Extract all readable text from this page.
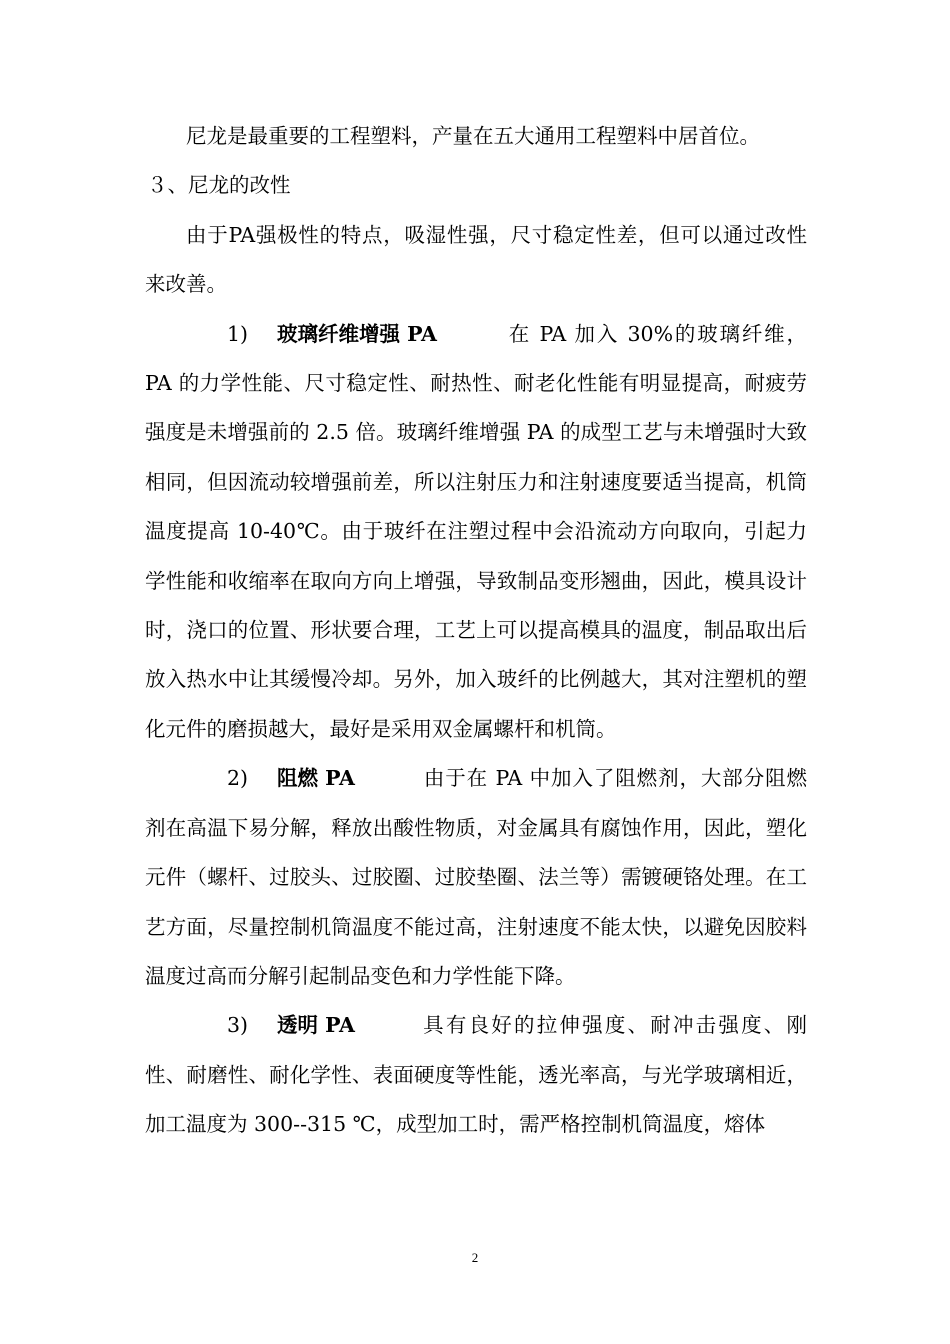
尼龙是最重要的工程塑料，产量在五大通用工程塑料中居首位。

３、尼龙的改性

由于PA强极性的特点，吸湿性强，尺寸稳定性差，但可以通过改性来改善。

1) 玻璃纤维增强 PA	在 PA 加入 30%的玻璃纤维，PA 的力学性能、尺寸稳定性、耐热性、耐老化性能有明显提高，耐疲劳强度是未增强前的 2.5 倍。玻璃纤维增强 PA 的成型工艺与未增强时大致相同，但因流动较增强前差，所以注射压力和注射速度要适当提高，机筒温度提高 10-40℃。由于玻纤在注塑过程中会沿流动方向取向，引起力学性能和收缩率在取向方向上增强，导致制品变形翘曲，因此，模具设计时，浇口的位置、形状要合理，工艺上可以提高模具的温度，制品取出后放入热水中让其缓慢冷却。另外，加入玻纤的比例越大，其对注塑机的塑化元件的磨损越大，最好是采用双金属螺杆和机筒。

2) 阻燃 PA	由于在 PA 中加入了阻燃剂，大部分阻燃剂在高温下易分解，释放出酸性物质，对金属具有腐蚀作用，因此，塑化元件（螺杆、过胶头、过胶圈、过胶垫圈、法兰等）需镀硬铬处理。在工艺方面，尽量控制机筒温度不能过高，注射速度不能太快，以避免因胶料温度过高而分解引起制品变色和力学性能下降。

3) 透明 PA	具有良好的拉伸强度、耐冲击强度、刚性、耐磨性、耐化学性、表面硬度等性能，透光率高，与光学玻璃相近，加工温度为 300--315 ℃，成型加工时，需严格控制机筒温度，熔体

2
